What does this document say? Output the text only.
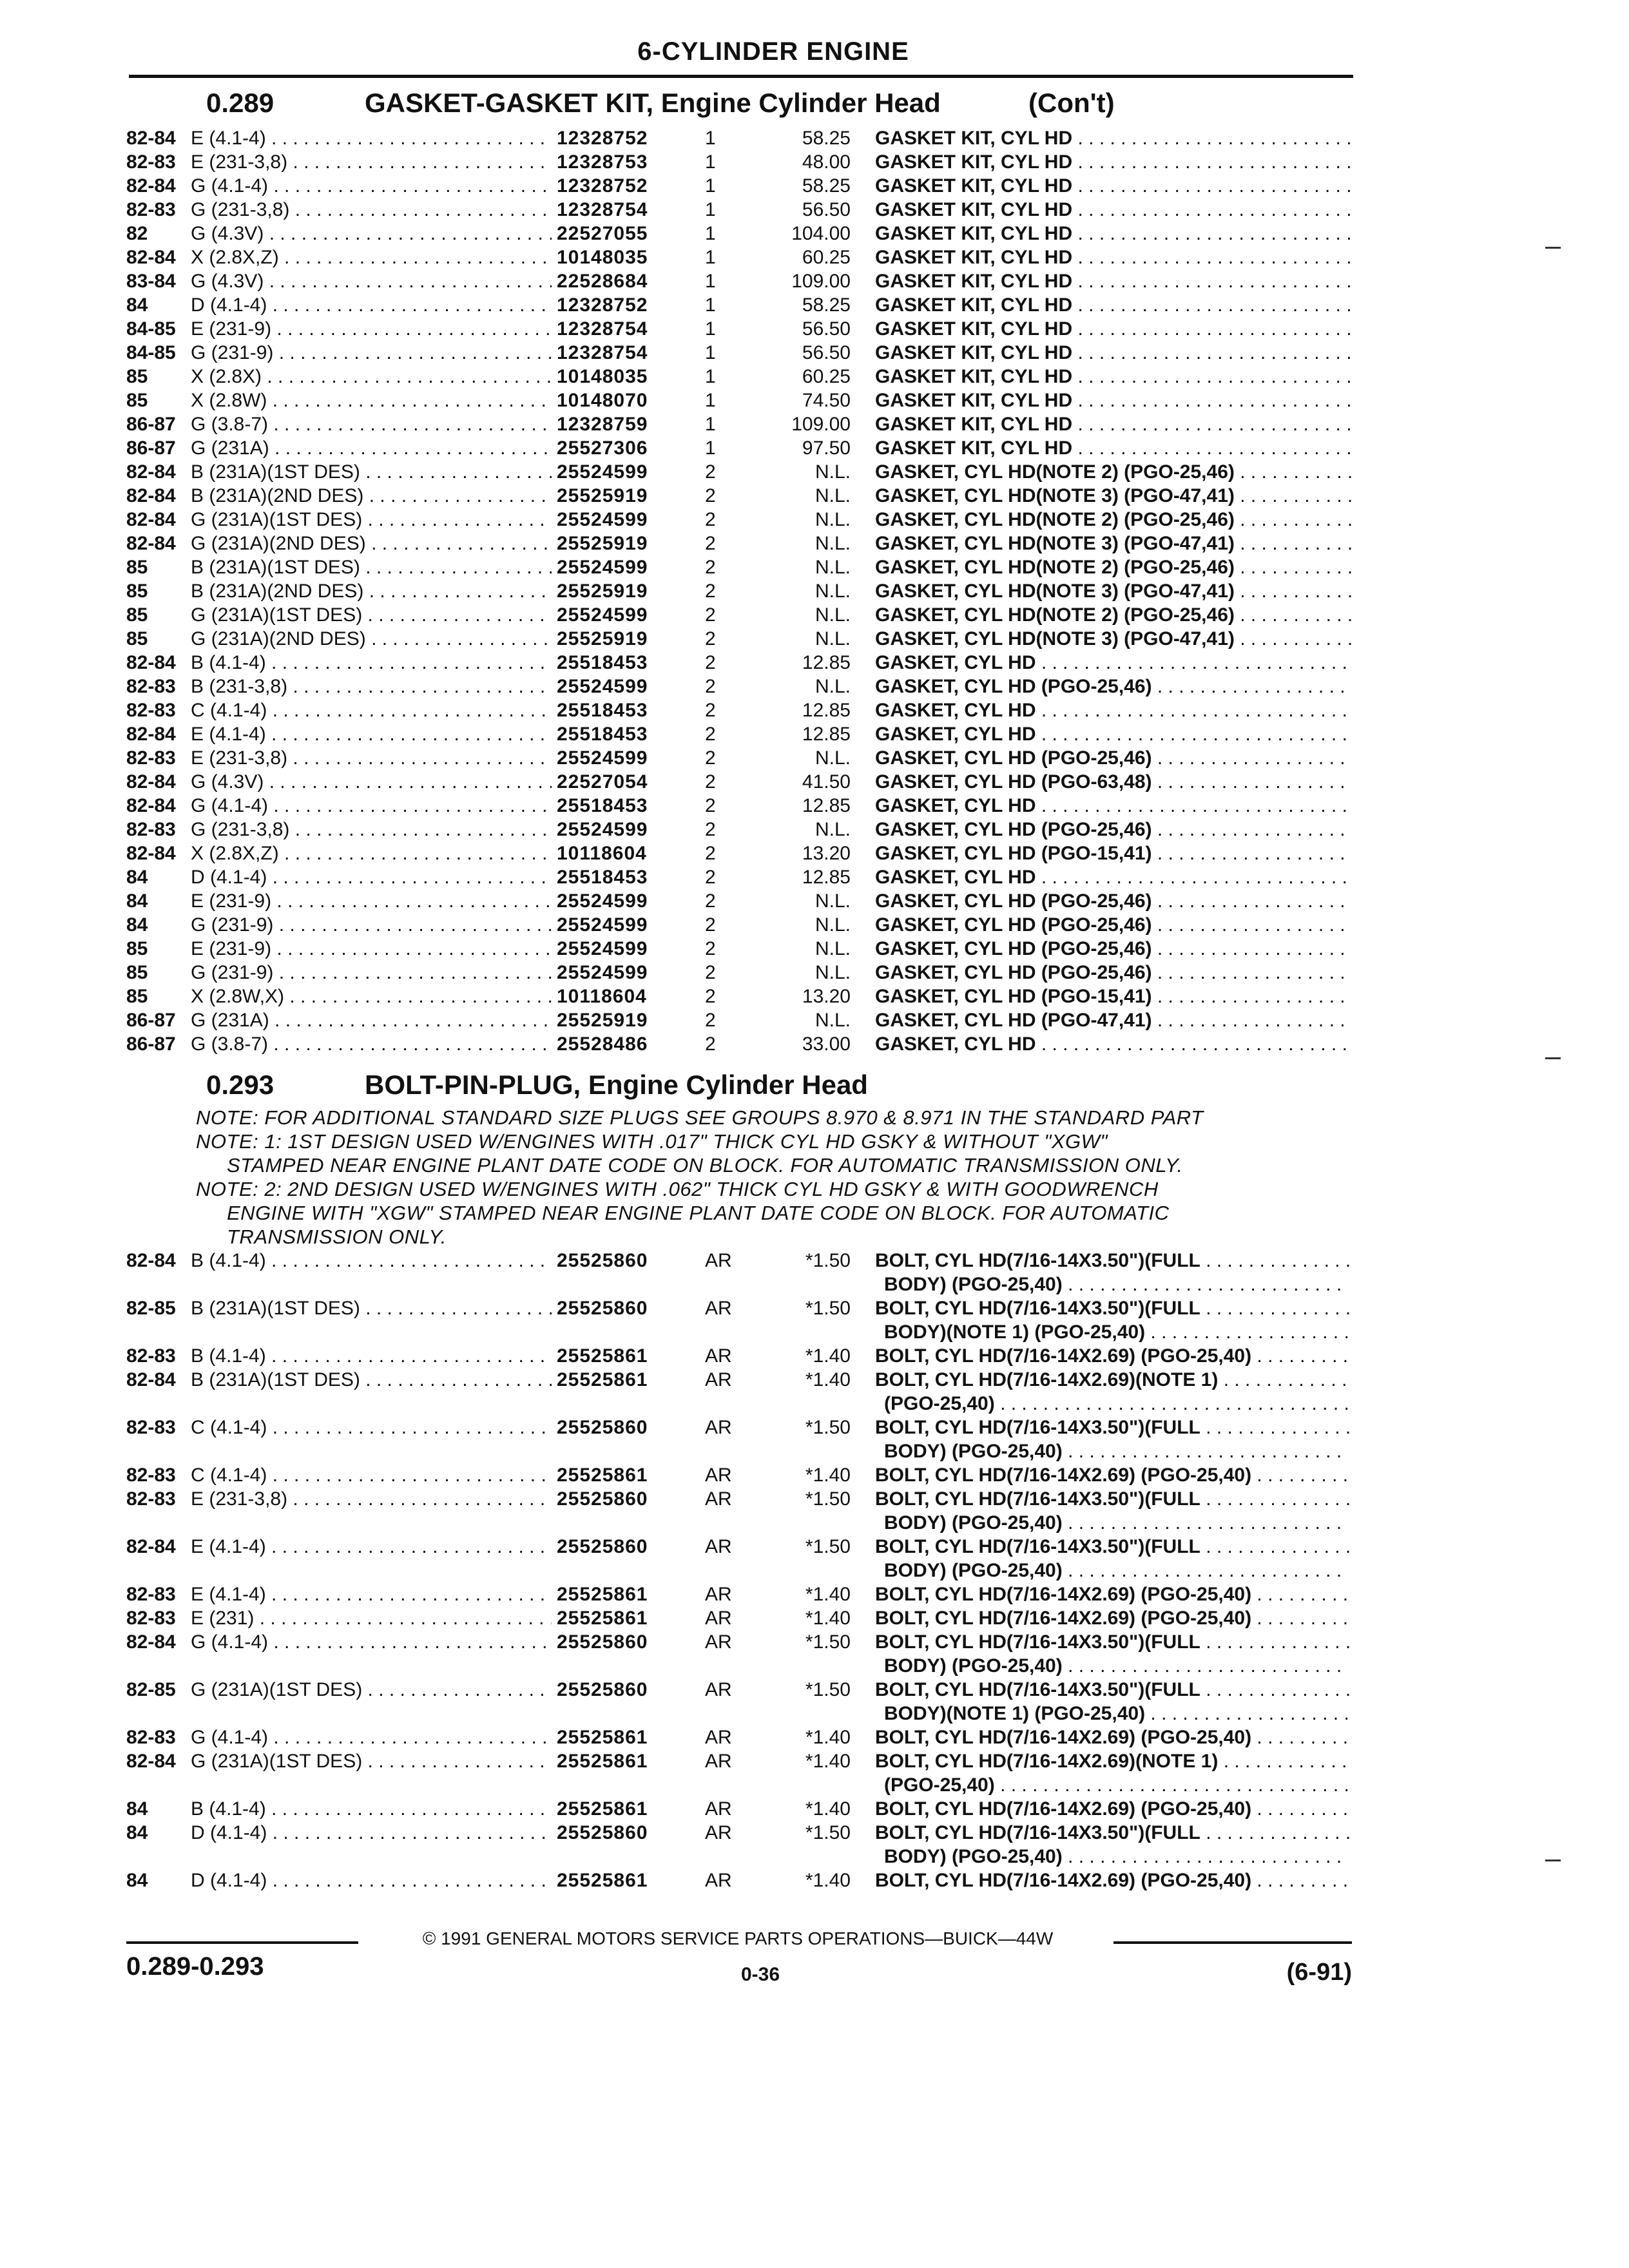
6-CYLINDER ENGINE
0.289	GASKET-GASKET KIT, Engine Cylinder Head	(Con't)
82-84 E (4.1-4) . . .	12328752	1	58.25 GASKET KIT, CYL HD . . .
82-83 E (231-3,8) . . .	12328753	1	48.00 GASKET KIT, CYL HD . . .
82-84 G (4.1-4) . . .	12328752	1	58.25 GASKET KIT, CYL HD . . .
82-83 G (231-3,8) . . .	12328754	1	56.50 GASKET KIT, CYL HD . . .
82	G (4.3V) . . .	22527055	1	104.00 GASKET KIT, CYL HD . . .
82-84 X (2.8X,Z) . . .	10148035	1	60.25 GASKET KIT, CYL HD . . .
83-84 G (4.3V) . . .	22528684	1	109.00 GASKET KIT, CYL HD . . .
84	D (4.1-4) . . .	12328752	1	58.25 GASKET KIT, CYL HD . . .
84-85 E (231-9) . . .	12328754	1	56.50 GASKET KIT, CYL HD . . .
84-85 G (231-9) . . .	12328754	1	56.50 GASKET KIT, CYL HD . . .
85	X (2.8X) . . .	10148035	1	60.25 GASKET KIT, CYL HD . . .
85	X (2.8W) . . .	10148070	1	74.50 GASKET KIT, CYL HD . . .
86-87 G (3.8-7) . . .	12328759	1	109.00 GASKET KIT, CYL HD . . .
86-87 G (231A) . . .	25527306	1	97.50 GASKET KIT, CYL HD . . .
82-84 B (231A)(1ST DES) . . .	25524599	2	N.L. GASKET, CYL HD(NOTE 2) (PGO-25,46) . . .
82-84 B (231A)(2ND DES) . . .	25525919	2	N.L. GASKET, CYL HD(NOTE 3) (PGO-47,41) . . .
82-84 G (231A)(1ST DES) . . .	25524599	2	N.L. GASKET, CYL HD(NOTE 2) (PGO-25,46) . . .
82-84 G (231A)(2ND DES) . . .	25525919	2	N.L. GASKET, CYL HD(NOTE 3) (PGO-47,41) . . .
85	B (231A)(1ST DES) . . .	25524599	2	N.L. GASKET, CYL HD(NOTE 2) (PGO-25,46) . . .
85	B (231A)(2ND DES) . . .	25525919	2	N.L. GASKET, CYL HD(NOTE 3) (PGO-47,41) . . .
85	G (231A)(1ST DES) . . .	25524599	2	N.L. GASKET, CYL HD(NOTE 2) (PGO-25,46) . . .
85	G (231A)(2ND DES) . . .	25525919	2	N.L. GASKET, CYL HD(NOTE 3) (PGO-47,41) . . .
82-84 B (4.1-4) . . .	25518453	2	12.85 GASKET, CYL HD . . .
82-83 B (231-3,8) . . .	25524599	2	N.L. GASKET, CYL HD (PGO-25,46) . . .
82-83 C (4.1-4) . . .	25518453	2	12.85 GASKET, CYL HD . . .
82-84 E (4.1-4) . . .	25518453	2	12.85 GASKET, CYL HD . . .
82-83 E (231-3,8) . . .	25524599	2	N.L. GASKET, CYL HD (PGO-25,46) . . .
82-84 G (4.3V) . . .	22527054	2	41.50 GASKET, CYL HD (PGO-63,48) . . .
82-84 G (4.1-4) . . .	25518453	2	12.85 GASKET, CYL HD . . .
82-83 G (231-3,8) . . .	25524599	2	N.L. GASKET, CYL HD (PGO-25,46) . . .
82-84 X (2.8X,Z) . . .	10118604	2	13.20 GASKET, CYL HD (PGO-15,41) . . .
84	D (4.1-4) . . .	25518453	2	12.85 GASKET, CYL HD . . .
84	E (231-9) . . .	25524599	2	N.L. GASKET, CYL HD (PGO-25,46) . . .
84	G (231-9) . . .	25524599	2	N.L. GASKET, CYL HD (PGO-25,46) . . .
85	E (231-9) . . .	25524599	2	N.L. GASKET, CYL HD (PGO-25,46) . . .
85	G (231-9) . . .	25524599	2	N.L. GASKET, CYL HD (PGO-25,46) . . .
85	X (2.8W,X) . . .	10118604	2	13.20 GASKET, CYL HD (PGO-15,41) . . .
86-87 G (231A) . . .	25525919	2	N.L. GASKET, CYL HD (PGO-47,41) . . .
86-87 G (3.8-7) . . .	25528486	2	33.00 GASKET, CYL HD . . .
0.293	BOLT-PIN-PLUG, Engine Cylinder Head
NOTE: FOR ADDITIONAL STANDARD SIZE PLUGS SEE GROUPS 8.970 & 8.971 IN THE STANDARD PART
NOTE: 1: 1ST DESIGN USED W/ENGINES WITH .017" THICK CYL HD GSKY & WITHOUT "XGW"
STAMPED NEAR ENGINE PLANT DATE CODE ON BLOCK. FOR AUTOMATIC TRANSMISSION ONLY.
NOTE: 2: 2ND DESIGN USED W/ENGINES WITH .062" THICK CYL HD GSKY & WITH GOODWRENCH
ENGINE WITH "XGW" STAMPED NEAR ENGINE PLANT DATE CODE ON BLOCK. FOR AUTOMATIC
TRANSMISSION ONLY.
82-84 B (4.1-4) . . .	25525860	AR	*1.50 BOLT, CYL HD(7/16-14X3.50")(FULL . . .
BODY) (PGO-25,40) . . .
82-85 B (231A)(1ST DES) . . .	25525860	AR	*1.50 BOLT, CYL HD(7/16-14X3.50")(FULL . . .
BODY)(NOTE 1) (PGO-25,40) . . .
82-83 B (4.1-4) . . .	25525861	AR	*1.40 BOLT, CYL HD(7/16-14X2.69) (PGO-25,40) . . .
82-84 B (231A)(1ST DES) . . .	25525861	AR	*1.40 BOLT, CYL HD(7/16-14X2.69)(NOTE 1) . . .
(PGO-25,40) . . .
82-83 C (4.1-4) . . .	25525860	AR	*1.50 BOLT, CYL HD(7/16-14X3.50")(FULL . . .
BODY) (PGO-25,40) . . .
82-83 C (4.1-4) . . .	25525861	AR	*1.40 BOLT, CYL HD(7/16-14X2.69) (PGO-25,40) . . .
82-83 E (231-3,8) . . .	25525860	AR	*1.50 BOLT, CYL HD(7/16-14X3.50")(FULL . . .
BODY) (PGO-25,40) . . .
82-84 E (4.1-4) . . .	25525860	AR	*1.50 BOLT, CYL HD(7/16-14X3.50")(FULL . . .
BODY) (PGO-25,40) . . .
82-83 E (4.1-4) . . .	25525861	AR	*1.40 BOLT, CYL HD(7/16-14X2.69) (PGO-25,40) . . .
82-83 E (231) . . .	25525861	AR	*1.40 BOLT, CYL HD(7/16-14X2.69) (PGO-25,40) . . .
82-84 G (4.1-4) . . .	25525860	AR	*1.50 BOLT, CYL HD(7/16-14X3.50")(FULL . . .
BODY) (PGO-25,40) . . .
82-85 G (231A)(1ST DES) . . .	25525860	AR	*1.50 BOLT, CYL HD(7/16-14X3.50")(FULL . . .
BODY)(NOTE 1) (PGO-25,40) . . .
82-83 G (4.1-4) . . .	25525861	AR	*1.40 BOLT, CYL HD(7/16-14X2.69) (PGO-25,40) . . .
82-84 G (231A)(1ST DES) . . .	25525861	AR	*1.40 BOLT, CYL HD(7/16-14X2.69)(NOTE 1) . . .
(PGO-25,40) . . .
84	B (4.1-4) . . .	25525861	AR	*1.40 BOLT, CYL HD(7/16-14X2.69) (PGO-25,40) . . .
84	D (4.1-4) . . .	25525860	AR	*1.50 BOLT, CYL HD(7/16-14X3.50")(FULL . . .
BODY) (PGO-25,40) . . .
84	D (4.1-4) . . .	25525861	AR	*1.40 BOLT, CYL HD(7/16-14X2.69) (PGO-25,40) . . .
© 1991 GENERAL MOTORS SERVICE PARTS OPERATIONS—BUICK—44W
0.289-0.293	0-36	(6-91)
